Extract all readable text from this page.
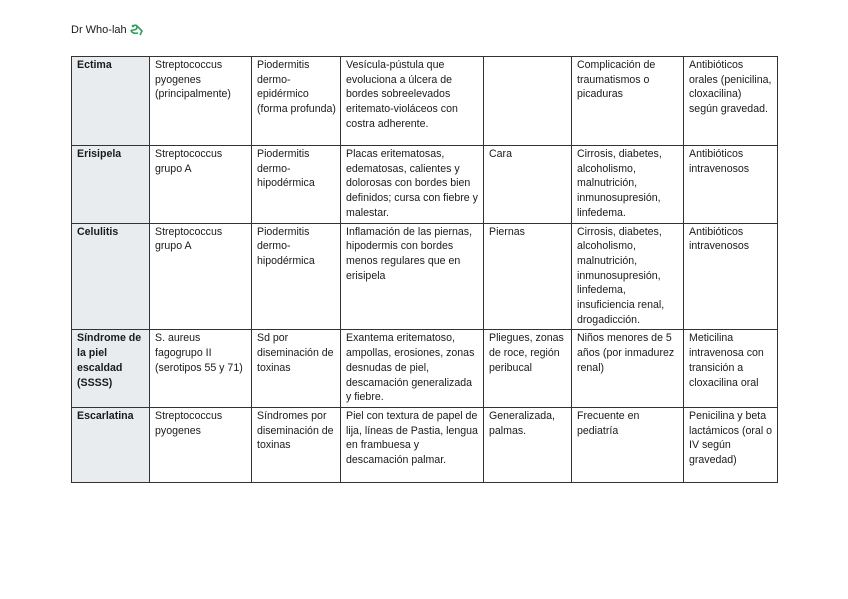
Dr Who-lah
Ectima	Streptococcus pyogenes (principalmente)	Piodermitis dermo-epidérmico (forma profunda)	Vesícula-pústula que evoluciona a úlcera de bordes sobreelevados eritemato-violáceos con costra adherente.		Complicación de traumatismos o picaduras	Antibióticos orales (penicilina, cloxacilina) según gravedad.
Erisipela	Streptococcus grupo A	Piodermitis dermo-hipodérmica	Placas eritematosas, edematosas, calientes y dolorosas con bordes bien definidos; cursa con fiebre y malestar.	Cara	Cirrosis, diabetes, alcoholismo, malnutrición, inmunosupresión, linfedema.	Antibióticos intravenosos
Celulitis	Streptococcus grupo A	Piodermitis dermo-hipodérmica	Inflamación de las piernas, hipodermis con bordes menos regulares que en erisipela	Piernas	Cirrosis, diabetes, alcoholismo, malnutrición, inmunosupresión, linfedema, insuficiencia renal, drogadicción.	Antibióticos intravenosos
Síndrome de la piel escaldad (SSSS)	S. aureus fagogrupo II (serotipos 55 y 71)	Sd por diseminación de toxinas	Exantema eritematoso, ampollas, erosiones, zonas desnudas de piel, descamación generalizada y fiebre.	Pliegues, zonas de roce, región peribucal	Niños menores de 5 años (por inmadurez renal)	Meticilina intravenosa con transición a cloxacilina oral
Escarlatina	Streptococcus pyogenes	Síndromes por diseminación de toxinas	Piel con textura de papel de lija, líneas de Pastia, lengua en frambuesa y descamación palmar.	Generalizada, palmas.	Frecuente en pediatría	Penicilina y beta lactámicos (oral o IV según gravedad)
